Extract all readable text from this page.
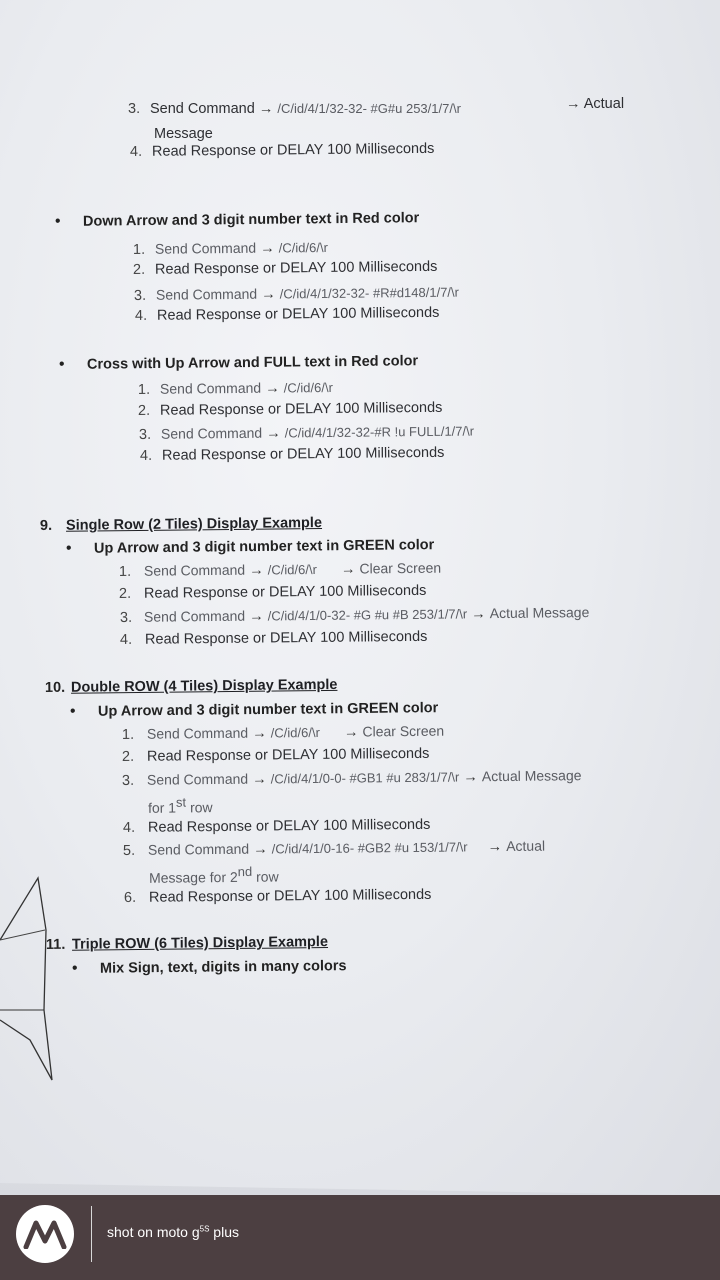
3. Send Command → /C/id/4/1/32-32- #G#u 253/1/7/\r	→ Actual
Message
4. Read Response or DELAY 100 Milliseconds
• Down Arrow and 3 digit number text in Red color
1. Send Command → /C/id/6/\r
2. Read Response or DELAY 100 Milliseconds
3. Send Command → /C/id/4/1/32-32- #R#d148/1/7/\r
4. Read Response or DELAY 100 Milliseconds
• Cross with Up Arrow and FULL text in Red color
1. Send Command → /C/id/6/\r
2. Read Response or DELAY 100 Milliseconds
3. Send Command → /C/id/4/1/32-32-#R !u FULL/1/7/\r
4. Read Response or DELAY 100 Milliseconds
9. Single Row (2 Tiles) Display Example
• Up Arrow and 3 digit number text in GREEN color
1. Send Command → /C/id/6/\r → Clear Screen
2. Read Response or DELAY 100 Milliseconds
3. Send Command → /C/id/4/1/0-32- #G #u #B 253/1/7/\r → Actual Message
4. Read Response or DELAY 100 Milliseconds
10. Double ROW (4 Tiles) Display Example
• Up Arrow and 3 digit number text in GREEN color
1. Send Command → /C/id/6/\r → Clear Screen
2. Read Response or DELAY 100 Milliseconds
3. Send Command → /C/id/4/1/0-0- #GB1 #u 283/1/7/\r → Actual Message
for 1st row
4. Read Response or DELAY 100 Milliseconds
5. Send Command → /C/id/4/1/0-16- #GB2 #u 153/1/7/\r → Actual
Message for 2nd row
6. Read Response or DELAY 100 Milliseconds
11. Triple ROW (6 Tiles) Display Example
• Mix Sign, text, digits in many colors
shot on moto $g^{5S}$ plus
